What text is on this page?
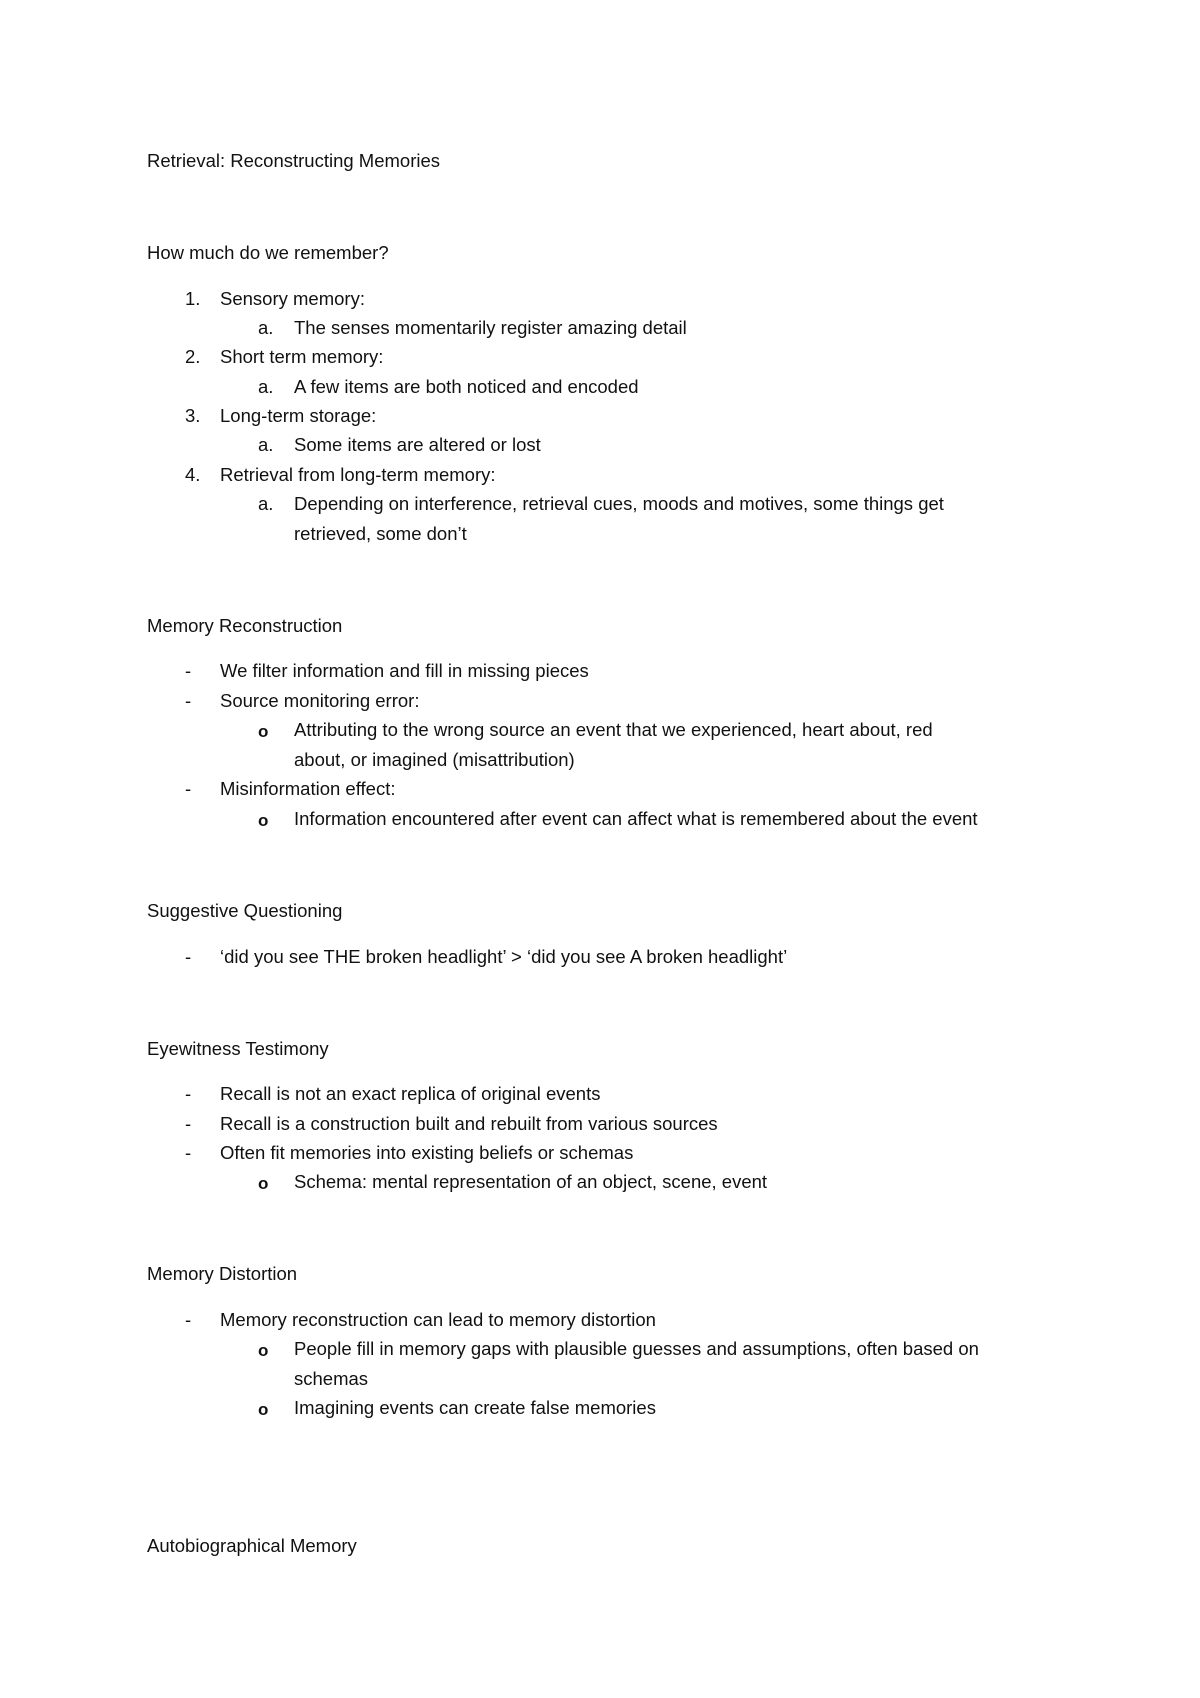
Retrieval: Reconstructing Memories
How much do we remember?
1. Sensory memory:
a. The senses momentarily register amazing detail
2. Short term memory:
a. A few items are both noticed and encoded
3. Long-term storage:
a. Some items are altered or lost
4. Retrieval from long-term memory:
a. Depending on interference, retrieval cues, moods and motives, some things get
retrieved, some don’t
Memory Reconstruction
- We filter information and fill in missing pieces
- Source monitoring error:
o Attributing to the wrong source an event that we experienced, heart about, red
about, or imagined (misattribution)
- Misinformation effect:
o Information encountered after event can affect what is remembered about the event
Suggestive Questioning
- ‘did you see THE broken headlight’ > ‘did you see A broken headlight’
Eyewitness Testimony
- Recall is not an exact replica of original events
- Recall is a construction built and rebuilt from various sources
- Often fit memories into existing beliefs or schemas
o Schema: mental representation of an object, scene, event
Memory Distortion
- Memory reconstruction can lead to memory distortion
o People fill in memory gaps with plausible guesses and assumptions, often based on
schemas
o Imagining events can create false memories
Autobiographical Memory
